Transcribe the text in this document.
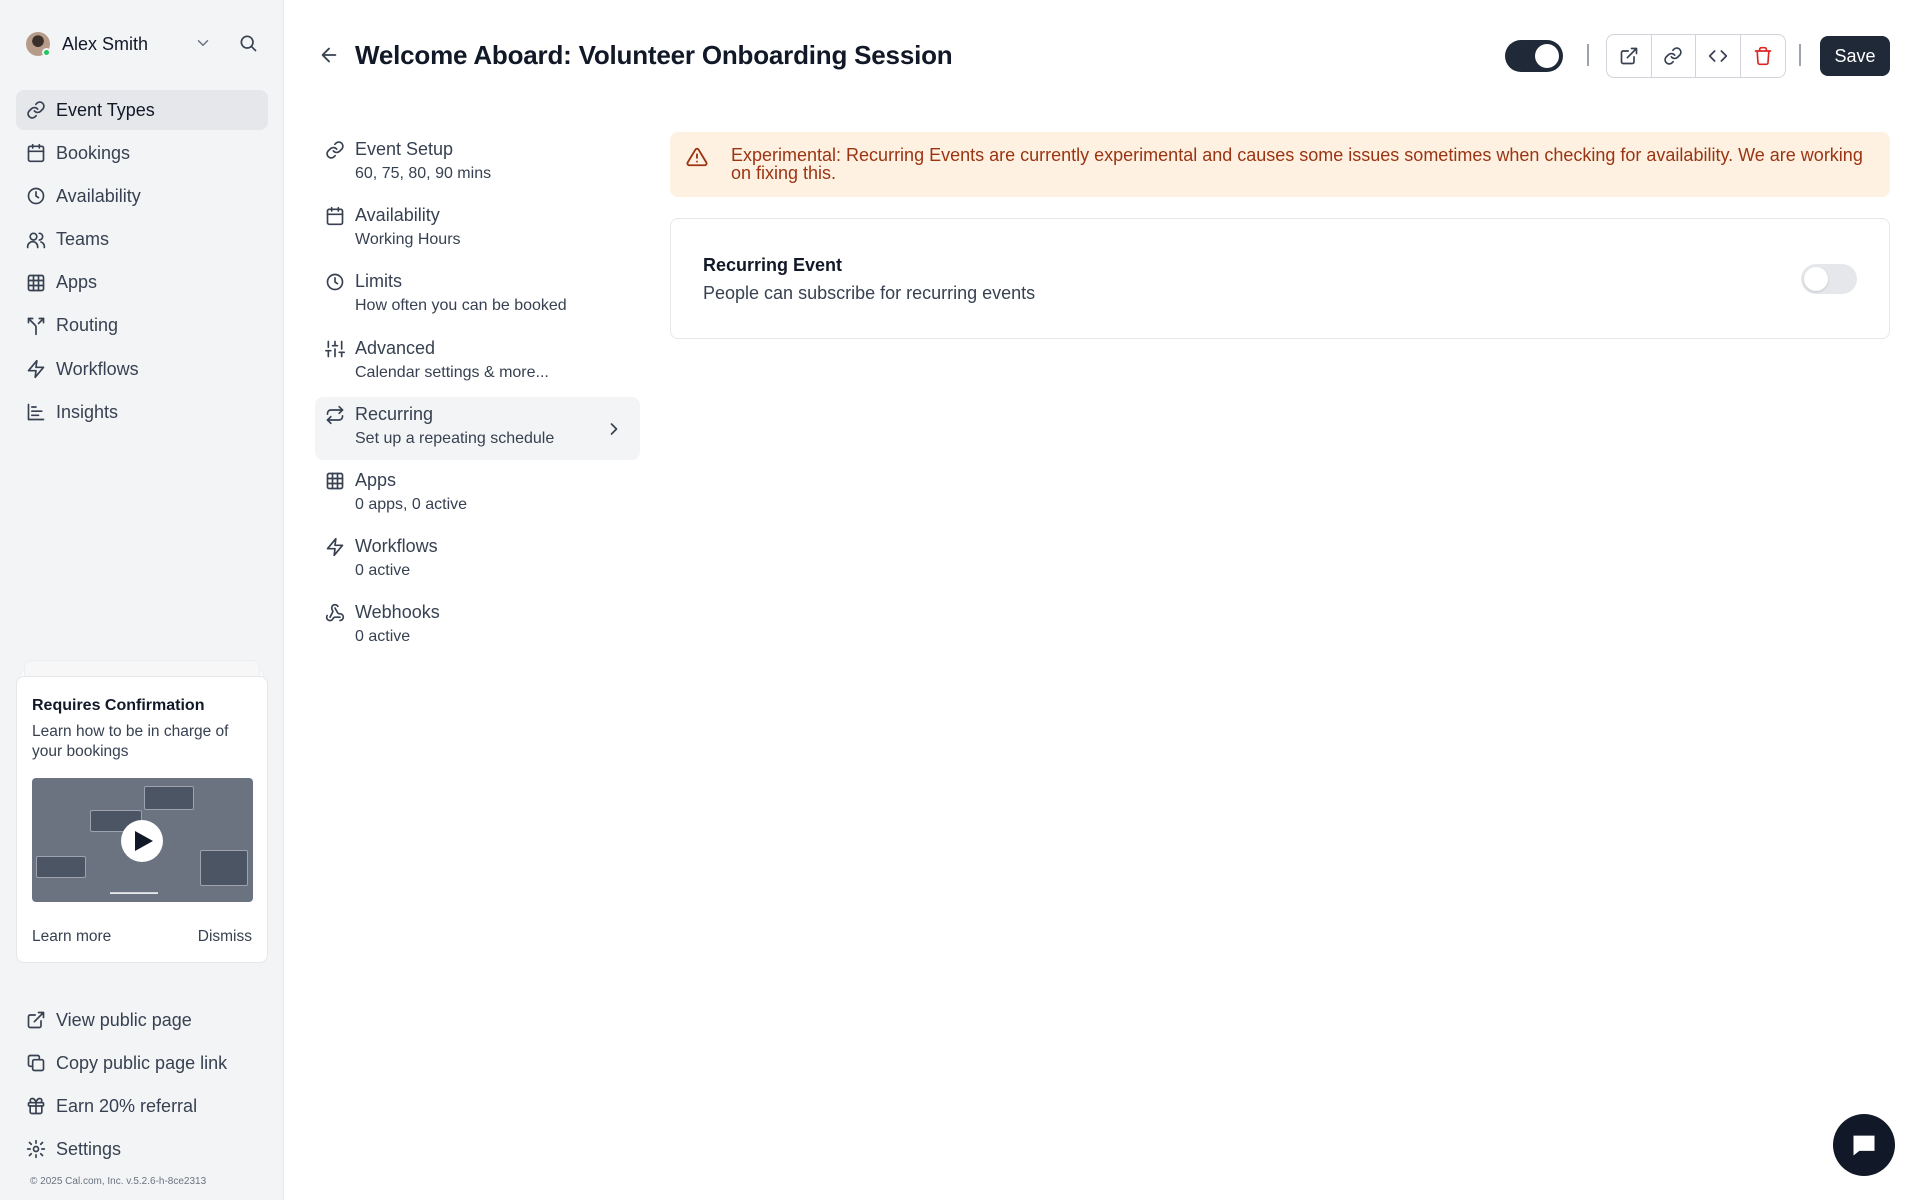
Alex Smith
Event Types
Bookings
Availability
Teams
Apps
Routing
Workflows
Insights
Requires Confirmation
Learn how to be in charge of your bookings
▬▬▬▬▬▬▬▬
Learn more	Dismiss
View public page
Copy public page link
Earn 20% referral
Settings
© 2025 Cal.com, Inc. v.5.2.6-h-8ce2313
Welcome Aboard: Volunteer Onboarding Session	Save
Event Setup
60, 75, 80, 90 mins
Availability
Working Hours
Limits
How often you can be booked
Advanced
Calendar settings & more...
Recurring
Set up a repeating schedule
Apps
0 apps, 0 active
Workflows
0 active
Webhooks
0 active
Experimental: Recurring Events are currently experimental and causes some issues sometimes when checking for availability. We are working on fixing this.
Recurring Event
People can subscribe for recurring events
